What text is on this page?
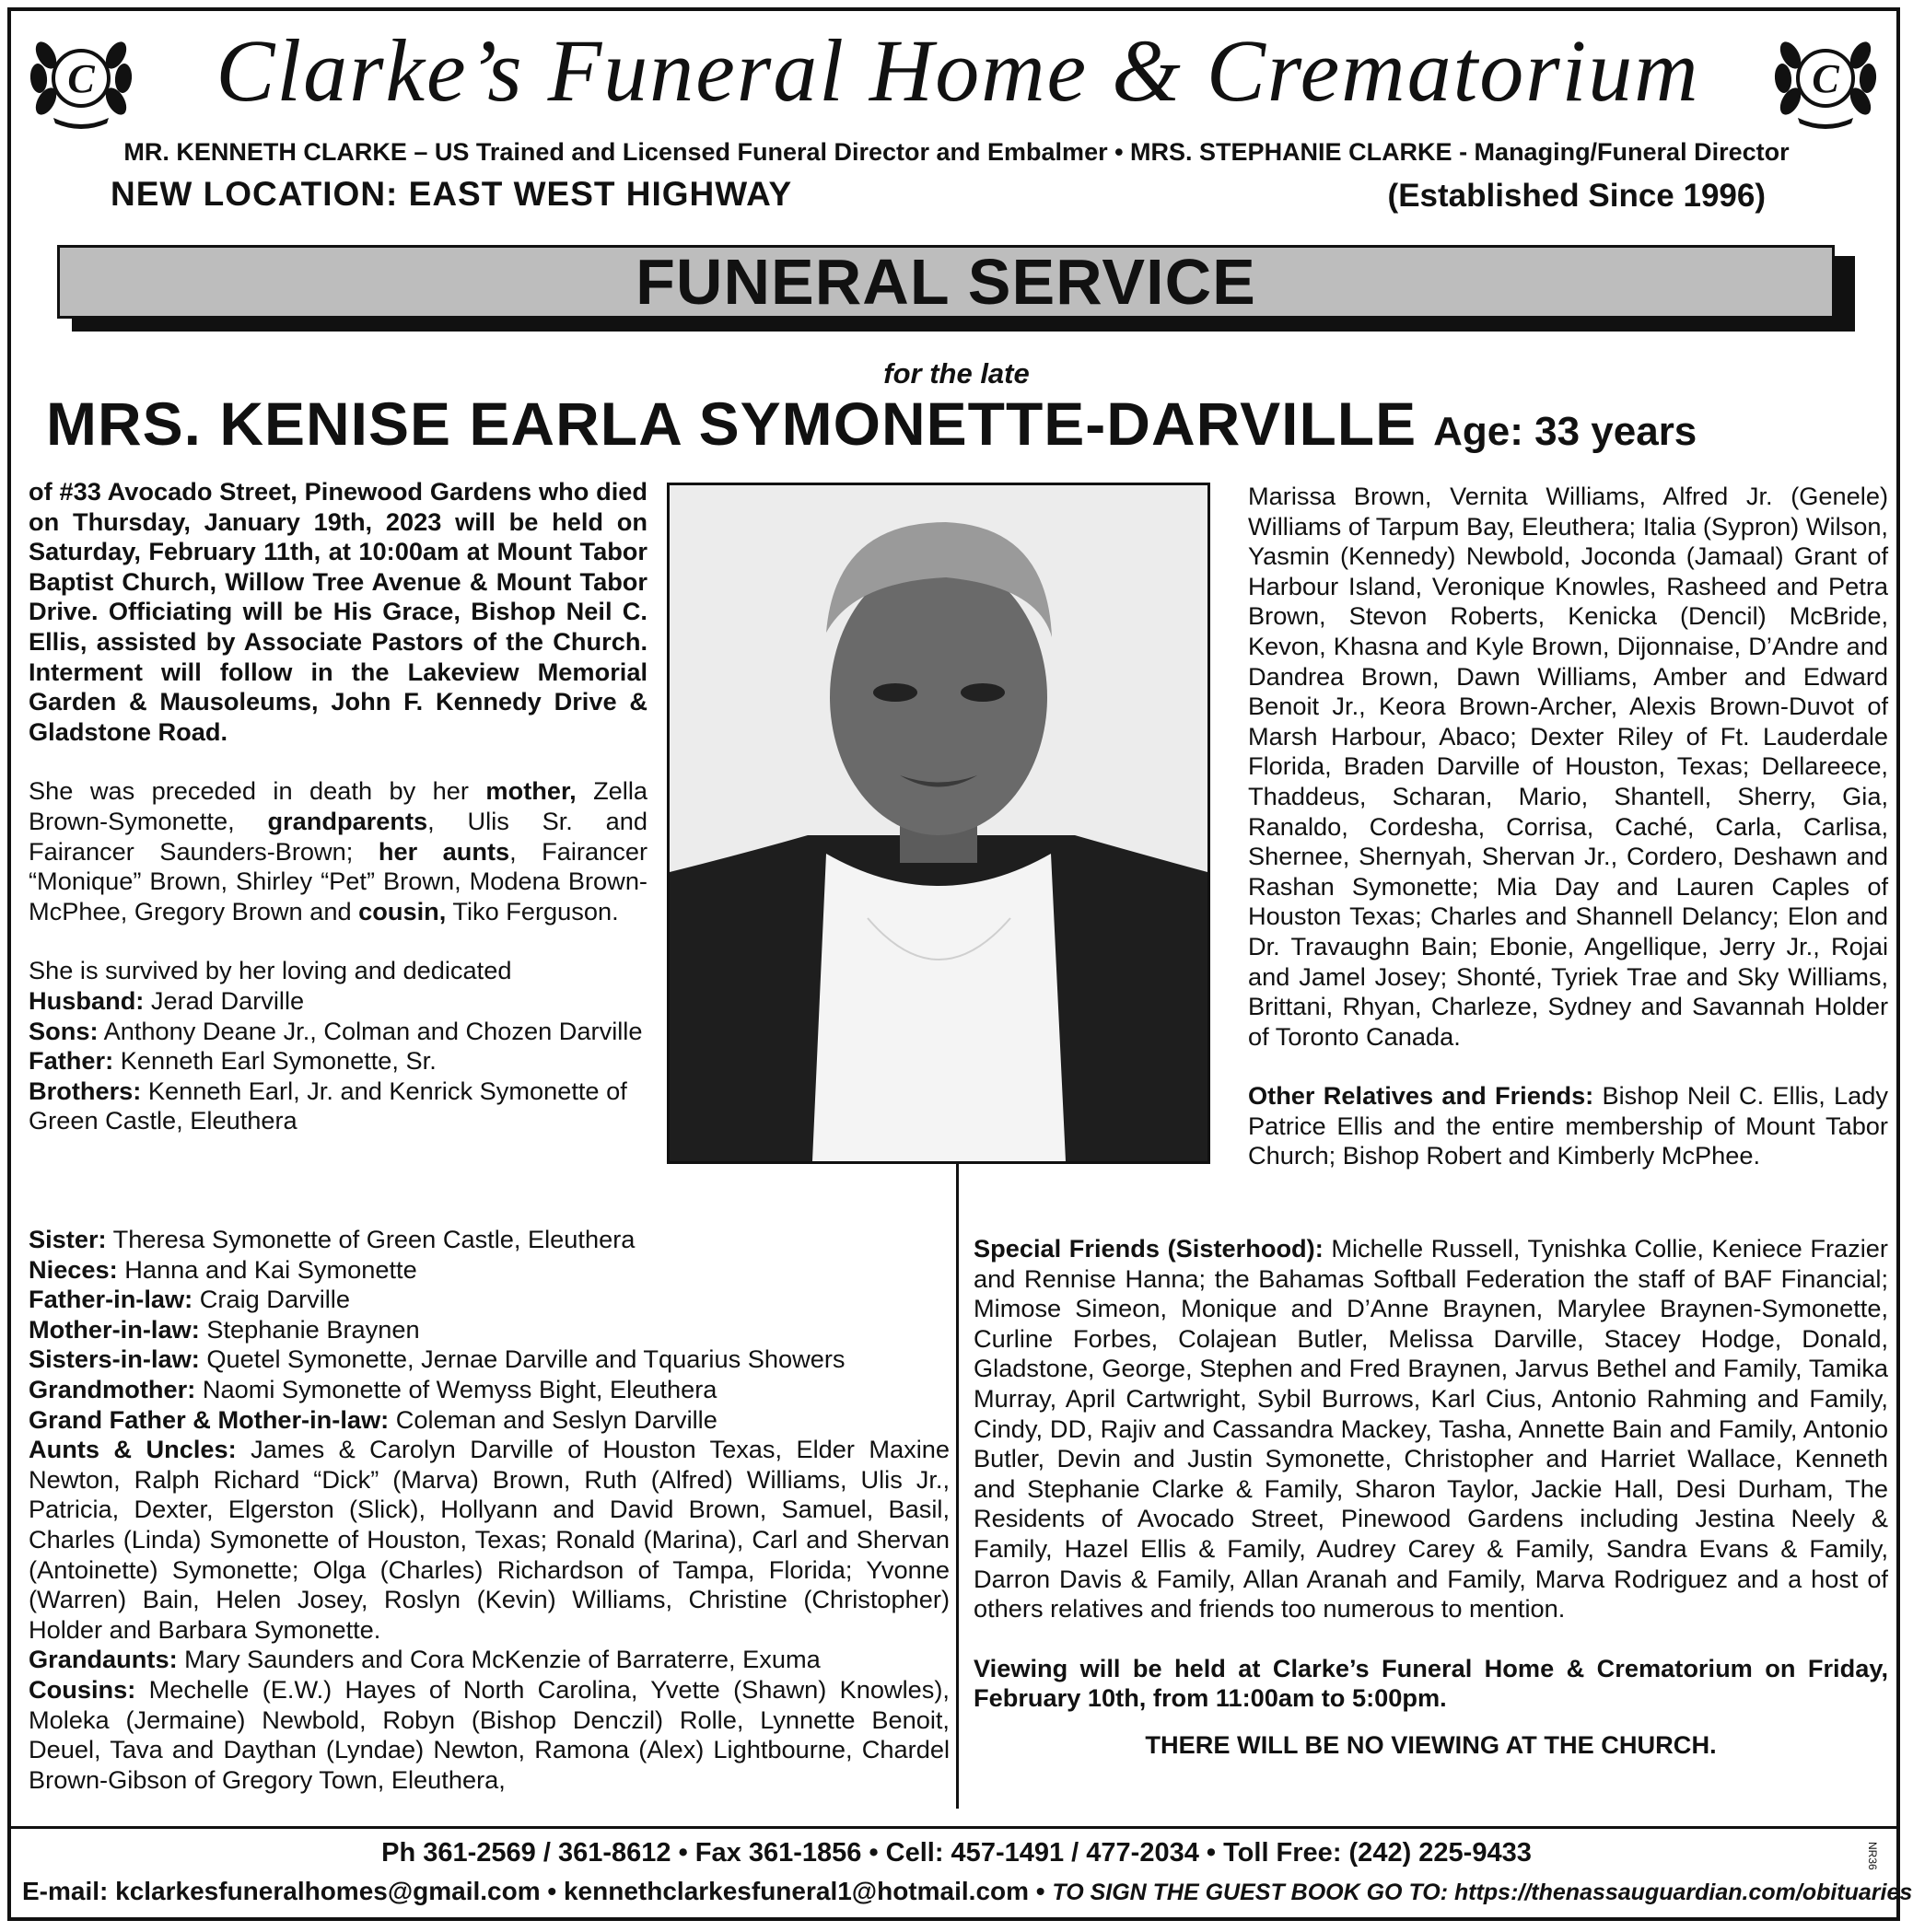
C	Clarke’s Funeral Home & Crematorium	C
MR. KENNETH CLARKE – US Trained and Licensed Funeral Director and Embalmer • MRS. STEPHANIE CLARKE - Managing/Funeral Director
NEW LOCATION: EAST WEST HIGHWAY	(Established Since 1996)
FUNERAL SERVICE
for the late
MRS. KENISE EARLA SYMONETTE-DARVILLE Age: 33 years

of #33 Avocado Street, Pinewood Gardens who died on Thursday, January 19th, 2023 will be held on Saturday, February 11th, at 10:00am at Mount Tabor Baptist Church, Willow Tree Avenue & Mount Tabor Drive. Officiating will be His Grace, Bishop Neil C. Ellis, assisted by Associate Pastors of the Church. Interment will follow in the Lakeview Memorial Garden & Mausoleums, John F. Kennedy Drive & Gladstone Road.

She was preceded in death by her mother, Zella Brown-Symonette, grandparents, Ulis Sr. and Fairancer Saunders-Brown; her aunts, Fairancer “Monique” Brown, Shirley “Pet” Brown, Modena Brown-McPhee, Gregory Brown and cousin, Tiko Ferguson.

She is survived by her loving and dedicated

Husband: Jerad Darville

Sons: Anthony Deane Jr., Colman and Chozen Darville

Father: Kenneth Earl Symonette, Sr.

Brothers: Kenneth Earl, Jr. and Kenrick Symonette of Green Castle, Eleuthera

Sister: Theresa Symonette of Green Castle, Eleuthera

Nieces: Hanna and Kai Symonette

Father-in-law: Craig Darville

Mother-in-law: Stephanie Braynen

Sisters-in-law: Quetel Symonette, Jernae Darville and Tquarius Showers

Grandmother: Naomi Symonette of Wemyss Bight, Eleuthera

Grand Father & Mother-in-law: Coleman and Seslyn Darville

Aunts & Uncles: James & Carolyn Darville of Houston Texas, Elder Maxine Newton, Ralph Richard “Dick” (Marva) Brown, Ruth (Alfred) Williams, Ulis Jr., Patricia, Dexter, Elgerston (Slick), Hollyann and David Brown, Samuel, Basil, Charles (Linda) Symonette of Houston, Texas; Ronald (Marina), Carl and Shervan (Antoinette) Symonette; Olga (Charles) Richardson of Tampa, Florida; Yvonne (Warren) Bain, Helen Josey, Roslyn (Kevin) Williams, Christine (Christopher) Holder and Barbara Symonette.

Grandaunts: Mary Saunders and Cora McKenzie of Barraterre, Exuma

Cousins: Mechelle (E.W.) Hayes of North Carolina, Yvette (Shawn) Knowles), Moleka (Jermaine) Newbold, Robyn (Bishop Denczil) Rolle, Lynnette Benoit, Deuel, Tava and Daythan (Lyndae) Newton, Ramona (Alex) Lightbourne, Chardel Brown-Gibson of Gregory Town, Eleuthera,

Marissa Brown, Vernita Williams, Alfred Jr. (Genele) Williams of Tarpum Bay, Eleuthera; Italia (Sypron) Wilson, Yasmin (Kennedy) Newbold, Joconda (Jamaal) Grant of Harbour Island, Veronique Knowles, Rasheed and Petra Brown, Stevon Roberts, Kenicka (Dencil) McBride, Kevon, Khasna and Kyle Brown, Dijonnaise, D’Andre and Dandrea Brown, Dawn Williams, Amber and Edward Benoit Jr., Keora Brown-Archer, Alexis Brown-Duvot of Marsh Harbour, Abaco; Dexter Riley of Ft. Lauderdale Florida, Braden Darville of Houston, Texas; Dellareece, Thaddeus, Scharan, Mario, Shantell, Sherry, Gia, Ranaldo, Cordesha, Corrisa, Caché, Carla, Carlisa, Shernee, Shernyah, Shervan Jr., Cordero, Deshawn and Rashan Symonette; Mia Day and Lauren Caples of Houston Texas; Charles and Shannell Delancy; Elon and Dr. Travaughn Bain; Ebonie, Angellique, Jerry Jr., Rojai and Jamel Josey; Shonté, Tyriek Trae and Sky Williams, Brittani, Rhyan, Charleze, Sydney and Savannah Holder of Toronto Canada.

Other Relatives and Friends: Bishop Neil C. Ellis, Lady Patrice Ellis and the entire membership of Mount Tabor Church; Bishop Robert and Kimberly McPhee.

Special Friends (Sisterhood): Michelle Russell, Tynishka Collie, Keniece Frazier and Rennise Hanna; the Bahamas Softball Federation the staff of BAF Financial; Mimose Simeon, Monique and D’Anne Braynen, Marylee Braynen-Symonette, Curline Forbes, Colajean Butler, Melissa Darville, Stacey Hodge, Donald, Gladstone, George, Stephen and Fred Braynen, Jarvus Bethel and Family, Tamika Murray, April Cartwright, Sybil Burrows, Karl Cius, Antonio Rahming and Family, Cindy, DD, Rajiv and Cassandra Mackey, Tasha, Annette Bain and Family, Antonio Butler, Devin and Justin Symonette, Christopher and Harriet Wallace, Kenneth and Stephanie Clarke & Family, Sharon Taylor, Jackie Hall, Desi Durham, The Residents of Avocado Street, Pinewood Gardens including Jestina Neely & Family, Hazel Ellis & Family, Audrey Carey & Family, Sandra Evans & Family, Darron Davis & Family, Allan Aranah and Family, Marva Rodriguez and a host of others relatives and friends too numerous to mention.

Viewing will be held at Clarke’s Funeral Home & Crematorium on Friday, February 10th, from 11:00am to 5:00pm.

THERE WILL BE NO VIEWING AT THE CHURCH.

Ph 361-2569 / 361-8612 • Fax 361-1856 • Cell: 457-1491 / 477-2034 • Toll Free: (242) 225-9433
E-mail: kclarkesfuneralhomes@gmail.com • kennethclarkesfuneral1@hotmail.com • TO SIGN THE GUEST BOOK GO TO: https://thenassauguardian.com/obituaries
NR36
